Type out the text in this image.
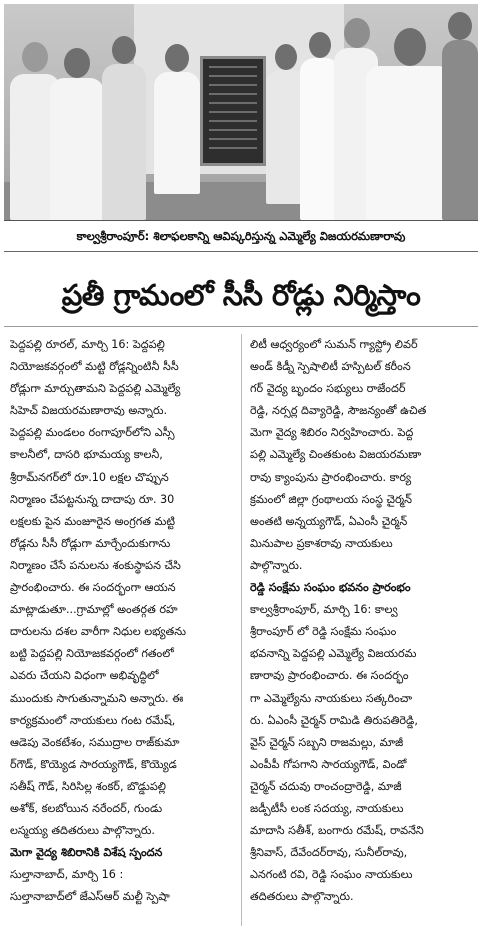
కాల్వశ్రీరాంపూర్: శిలాఫలకాన్ని ఆవిష్కరిస్తున్న ఎమ్మెల్యే విజయరమణారావు
ప్రతీ గ్రామంలో సీసీ రోడ్లు నిర్మిస్తాం
పెద్దపల్లి రూరల్, మార్చి 16: పెద్దపల్లి
నియోజకవర్గంలో మట్టి రోడ్లన్నింటినీ సీసీ
రోడ్లుగా మార్చుతామని పెద్దపల్లి ఎమ్మెల్యే
సిహెచ్ విజయరమణారావు అన్నారు.
పెద్దపల్లి మండలం రంగాపూర్‌లోని ఎస్సీ
కాలనీలో, దాసరి భూమయ్య కాలనీ,
శ్రీరామ్‌నగర్‌లో రూ.10 లక్షల చొప్పున
నిర్మాణం చేపట్టనున్న దాదాపు రూ. 30
లక్షలకు పైన మంజూరైన అంగ్రగత మట్టి
రోడ్లను సీసీ రోడ్లుగా మార్చేందుకుగాను
నిర్మాణం చేసే పనులను శంకుస్థాపన చేసి
ప్రారంభించారు. ఈ సందర్భంగా ఆయన
మాట్లాడుతూ...గ్రామాల్లో అంతర్గత రహ
దారులను దశల వారీగా నిధుల లభ్యతను
బట్టి పెద్దపల్లి నియోజకవర్గంలో గతంలో
ఎవరు చేయని విధంగా అభివృద్ధిలో
ముందుకు సాగుతున్నామని అన్నారు. ఈ
కార్యక్రమంలో నాయకులు గంట రమేష్,
ఆడెపు వెంకటేశం, సముద్రాల రాజ్‌కుమా
ర్‌గౌడ్, కొయ్యెడ సారయ్యగౌడ్, కొయ్యెడ
సతీష్ గౌడ్, సిరిసిల్ల శంకర్, బొడ్డుపల్లి
అశోక్, కలబోయిన నరేందర్, గుండు
లస్మయ్య తదితరులు పాల్గొన్నారు.
మెగా వైద్య శిబిరానికి విశేష స్పందన
సుల్తానాబాద్, మార్చి 16 :
సుల్తానాబాద్‌లో జేఎస్‌ఆర్ మల్టీ స్పెషా
లిటీ ఆధ్వర్యంలో సుమన్ గ్యాస్ట్రో లివర్
అండ్ కిడ్నీ స్పెషాలిటీ హస్పిటల్ కరీంన
గర్ వైద్య బృందం సభ్యులు రాజేందర్
రెడ్డి, నర్సర్ల దివ్యారెడ్డి, సౌజన్యంతో ఉచిత
మెగా వైద్య శిబిరం నిర్వహించారు. పెద్ద
పల్లి ఎమ్మెల్యే చింతకుంట విజయరమణా
రావు క్యాంపును ప్రారంభించారు. కార్య
క్రమంలో జిల్లా గ్రంథాలయ సంస్థ చైర్మన్
అంతటి అన్నయ్యగౌడ్, ఏఎంసీ చైర్మన్
మినుపాల ప్రకాశరావు నాయకులు
పాల్గొన్నారు.
రెడ్డి సంక్షేమ సంఘం భవనం ప్రారంభం
కాల్వశ్రీరాంపూర్, మార్చి 16: కాల్వ
శ్రీరాంపూర్ లో రెడ్డి సంక్షేమ సంఘం
భవనాన్ని పెద్దపల్లి ఎమ్మెల్యే విజయరమ
ణారావు ప్రారంభించారు. ఈ సందర్భం
గా ఎమ్మెల్యేను నాయకులు సత్కరించా
రు. ఏఎంసీ చైర్మన్ రామిడి తిరుపతిరెడ్డి,
వైస్ చైర్మన్ సబ్బని రాజమల్లు, మాజీ
ఎంపీపీ గోపగాని సారయ్యగౌడ్, విండో
చైర్మన్ చదువు రాంచంద్రారెడ్డి, మాజీ
జడ్పీటీసీ లంక సదయ్య, నాయకులు
మాదాసి సతీశ్, బంగారు రమేష్, రావనేని
శ్రీనివాస్, దేవేందర్‌రావు, సునీల్‌రావు,
ఎనగంటి రవి, రెడ్డి సంఘం నాయకులు
తదితరులు పాల్గొన్నారు.
